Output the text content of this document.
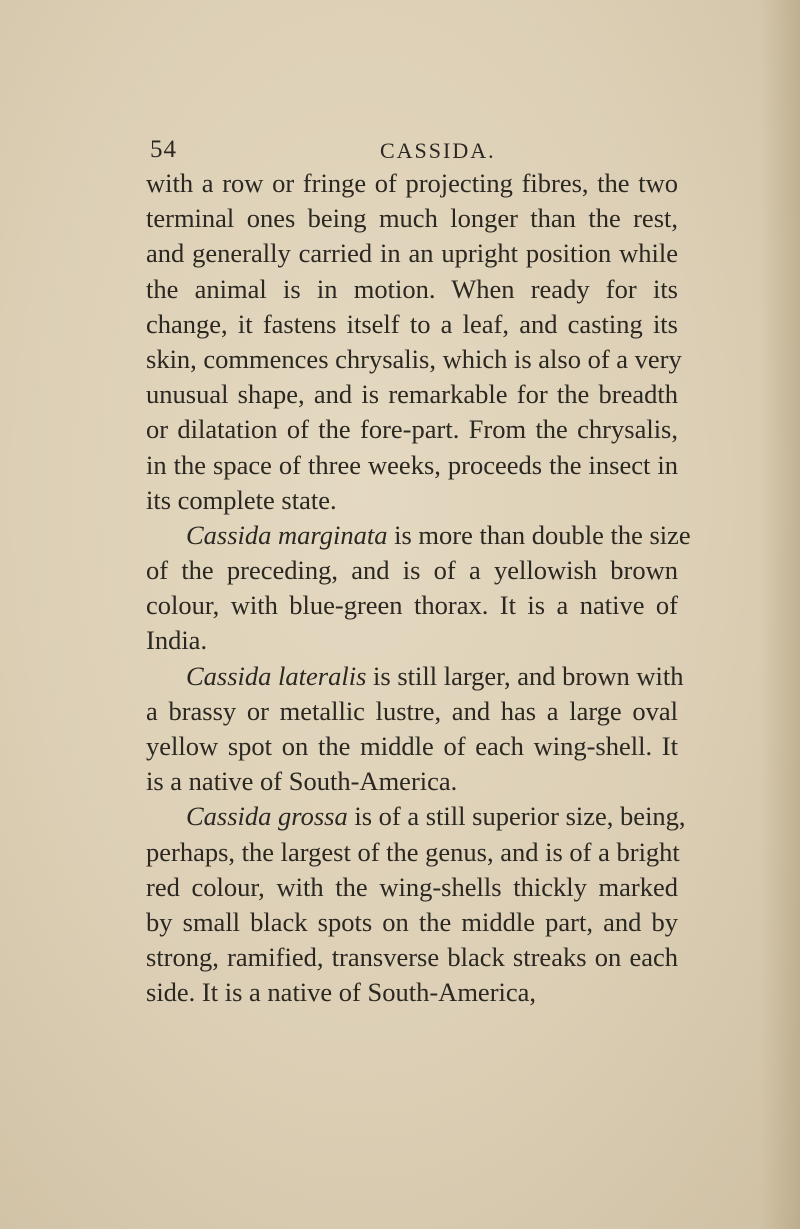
54	CASSIDA.
with a row or fringe of projecting fibres, the two
terminal ones being much longer than the rest,
and generally carried in an upright position while
the animal is in motion. When ready for its
change, it fastens itself to a leaf, and casting its
skin, commences chrysalis, which is also of a very
unusual shape, and is remarkable for the breadth
or dilatation of the fore-part. From the chrysalis,
in the space of three weeks, proceeds the insect in
its complete state.
Cassida marginata is more than double the size
of the preceding, and is of a yellowish brown
colour, with blue-green thorax. It is a native of
India.
Cassida lateralis is still larger, and brown with
a brassy or metallic lustre, and has a large oval
yellow spot on the middle of each wing-shell. It
is a native of South-America.
Cassida grossa is of a still superior size, being,
perhaps, the largest of the genus, and is of a bright
red colour, with the wing-shells thickly marked
by small black spots on the middle part, and by
strong, ramified, transverse black streaks on each
side. It is a native of South-America,
